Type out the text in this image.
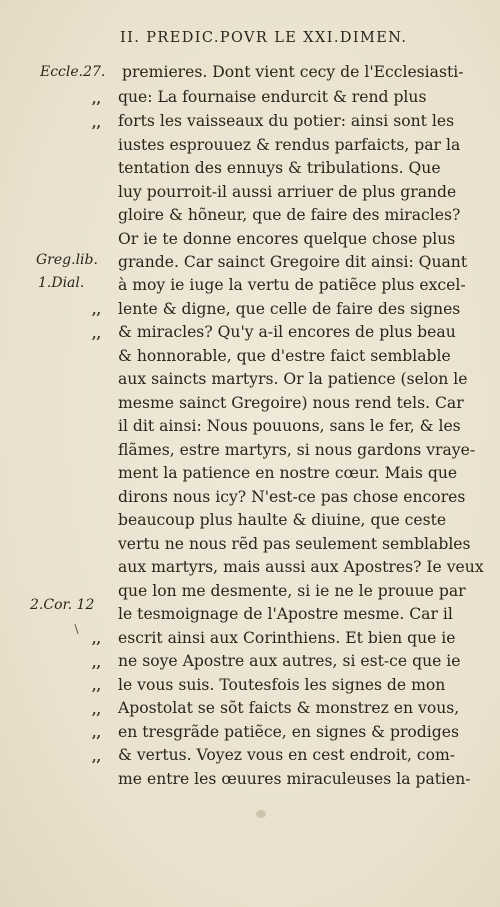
II. PREDIC.POVR LE XXI.DIMEN.
Eccle.27.
Greg.lib.
1.Dial.
2.Cor. 12
premieres. Dont vient cecy de l'Ecclesiasti-
que: La fournaise endurcit & rend plus
forts les vaisseaux du potier: ainsi sont les
iustes esprouuez & rendus parfaicts, par la
tentation des ennuys & tribulations. Que
luy pourroit-il aussi arriuer de plus grande
gloire & hõneur, que de faire des miracles?
Or ie te donne encores quelque chose plus
grande. Car sainct Gregoire dit ainsi: Quant
à moy ie iuge la vertu de patiẽce plus excel-
lente & digne, que celle de faire des signes
& miracles? Qu'y a-il encores de plus beau
& honnorable, que d'estre faict semblable
aux saincts martyrs. Or la patience (selon le
mesme sainct Gregoire) nous rend tels. Car
il dit ainsi: Nous pouuons, sans le fer, & les
flãmes, estre martyrs, si nous gardons vraye-
ment la patience en nostre cœur. Mais que
dirons nous icy? N'est-ce pas chose encores
beaucoup plus haulte & diuine, que ceste
vertu ne nous rẽd pas seulement semblables
aux martyrs, mais aussi aux Apostres? Ie veux
que lon me desmente, si ie ne le prouue par
le tesmoignage de l'Apostre mesme. Car il
escrit ainsi aux Corinthiens. Et bien que ie
ne soye Apostre aux autres, si est-ce que ie
le vous suis. Toutesfois les signes de mon
Apostolat se sõt faicts & monstrez en vous,
en tresgrãde patiẽce, en signes & prodiges
& vertus. Voyez vous en cest endroit, com-
me entre les œuures miraculeuses la patien-
,,
,,
,,
,,
,,
,,
,,
,,
,,
,,
